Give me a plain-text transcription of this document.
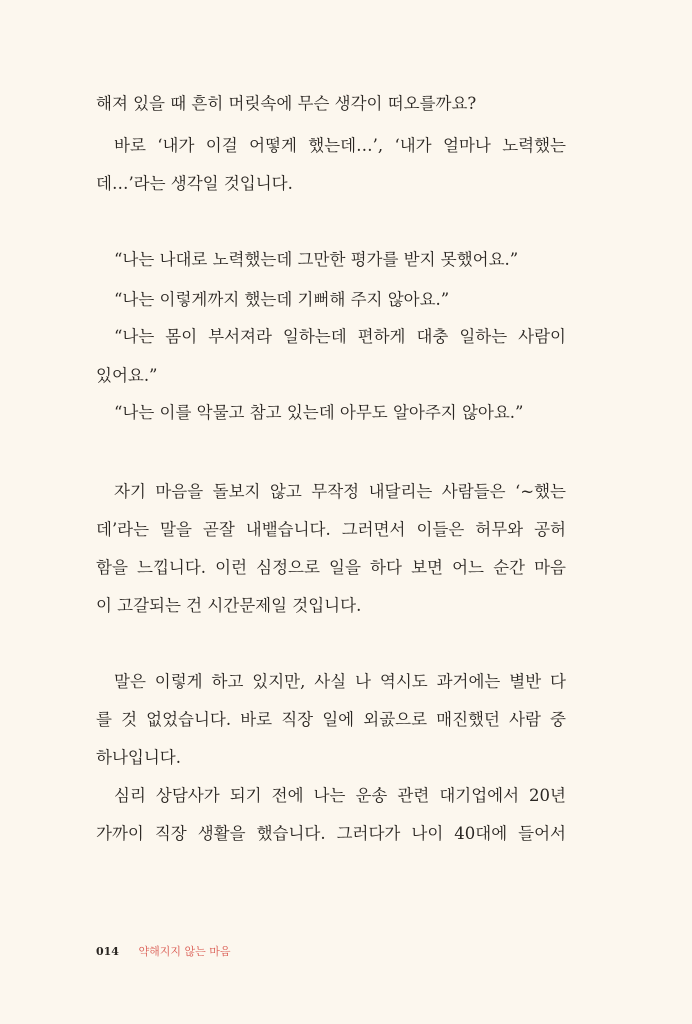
해져 있을 때 흔히 머릿속에 무슨 생각이 떠오를까요?
바로 ‘내가 이걸 어떻게 했는데…’, ‘내가 얼마나 노력했는
데…’라는 생각일 것입니다.
“나는 나대로 노력했는데 그만한 평가를 받지 못했어요.”
“나는 이렇게까지 했는데 기뻐해 주지 않아요.”
“나는 몸이 부서져라 일하는데 편하게 대충 일하는 사람이
있어요.”
“나는 이를 악물고 참고 있는데 아무도 알아주지 않아요.”
자기 마음을 돌보지 않고 무작정 내달리는 사람들은 ‘~했는
데’라는 말을 곧잘 내뱉습니다. 그러면서 이들은 허무와 공허
함을 느낍니다. 이런 심정으로 일을 하다 보면 어느 순간 마음
이 고갈되는 건 시간문제일 것입니다.
말은 이렇게 하고 있지만, 사실 나 역시도 과거에는 별반 다
를 것 없었습니다. 바로 직장 일에 외곬으로 매진했던 사람 중
하나입니다.
심리 상담사가 되기 전에 나는 운송 관련 대기업에서 20년
가까이 직장 생활을 했습니다. 그러다가 나이 40대에 들어서
014 약해지지 않는 마음
